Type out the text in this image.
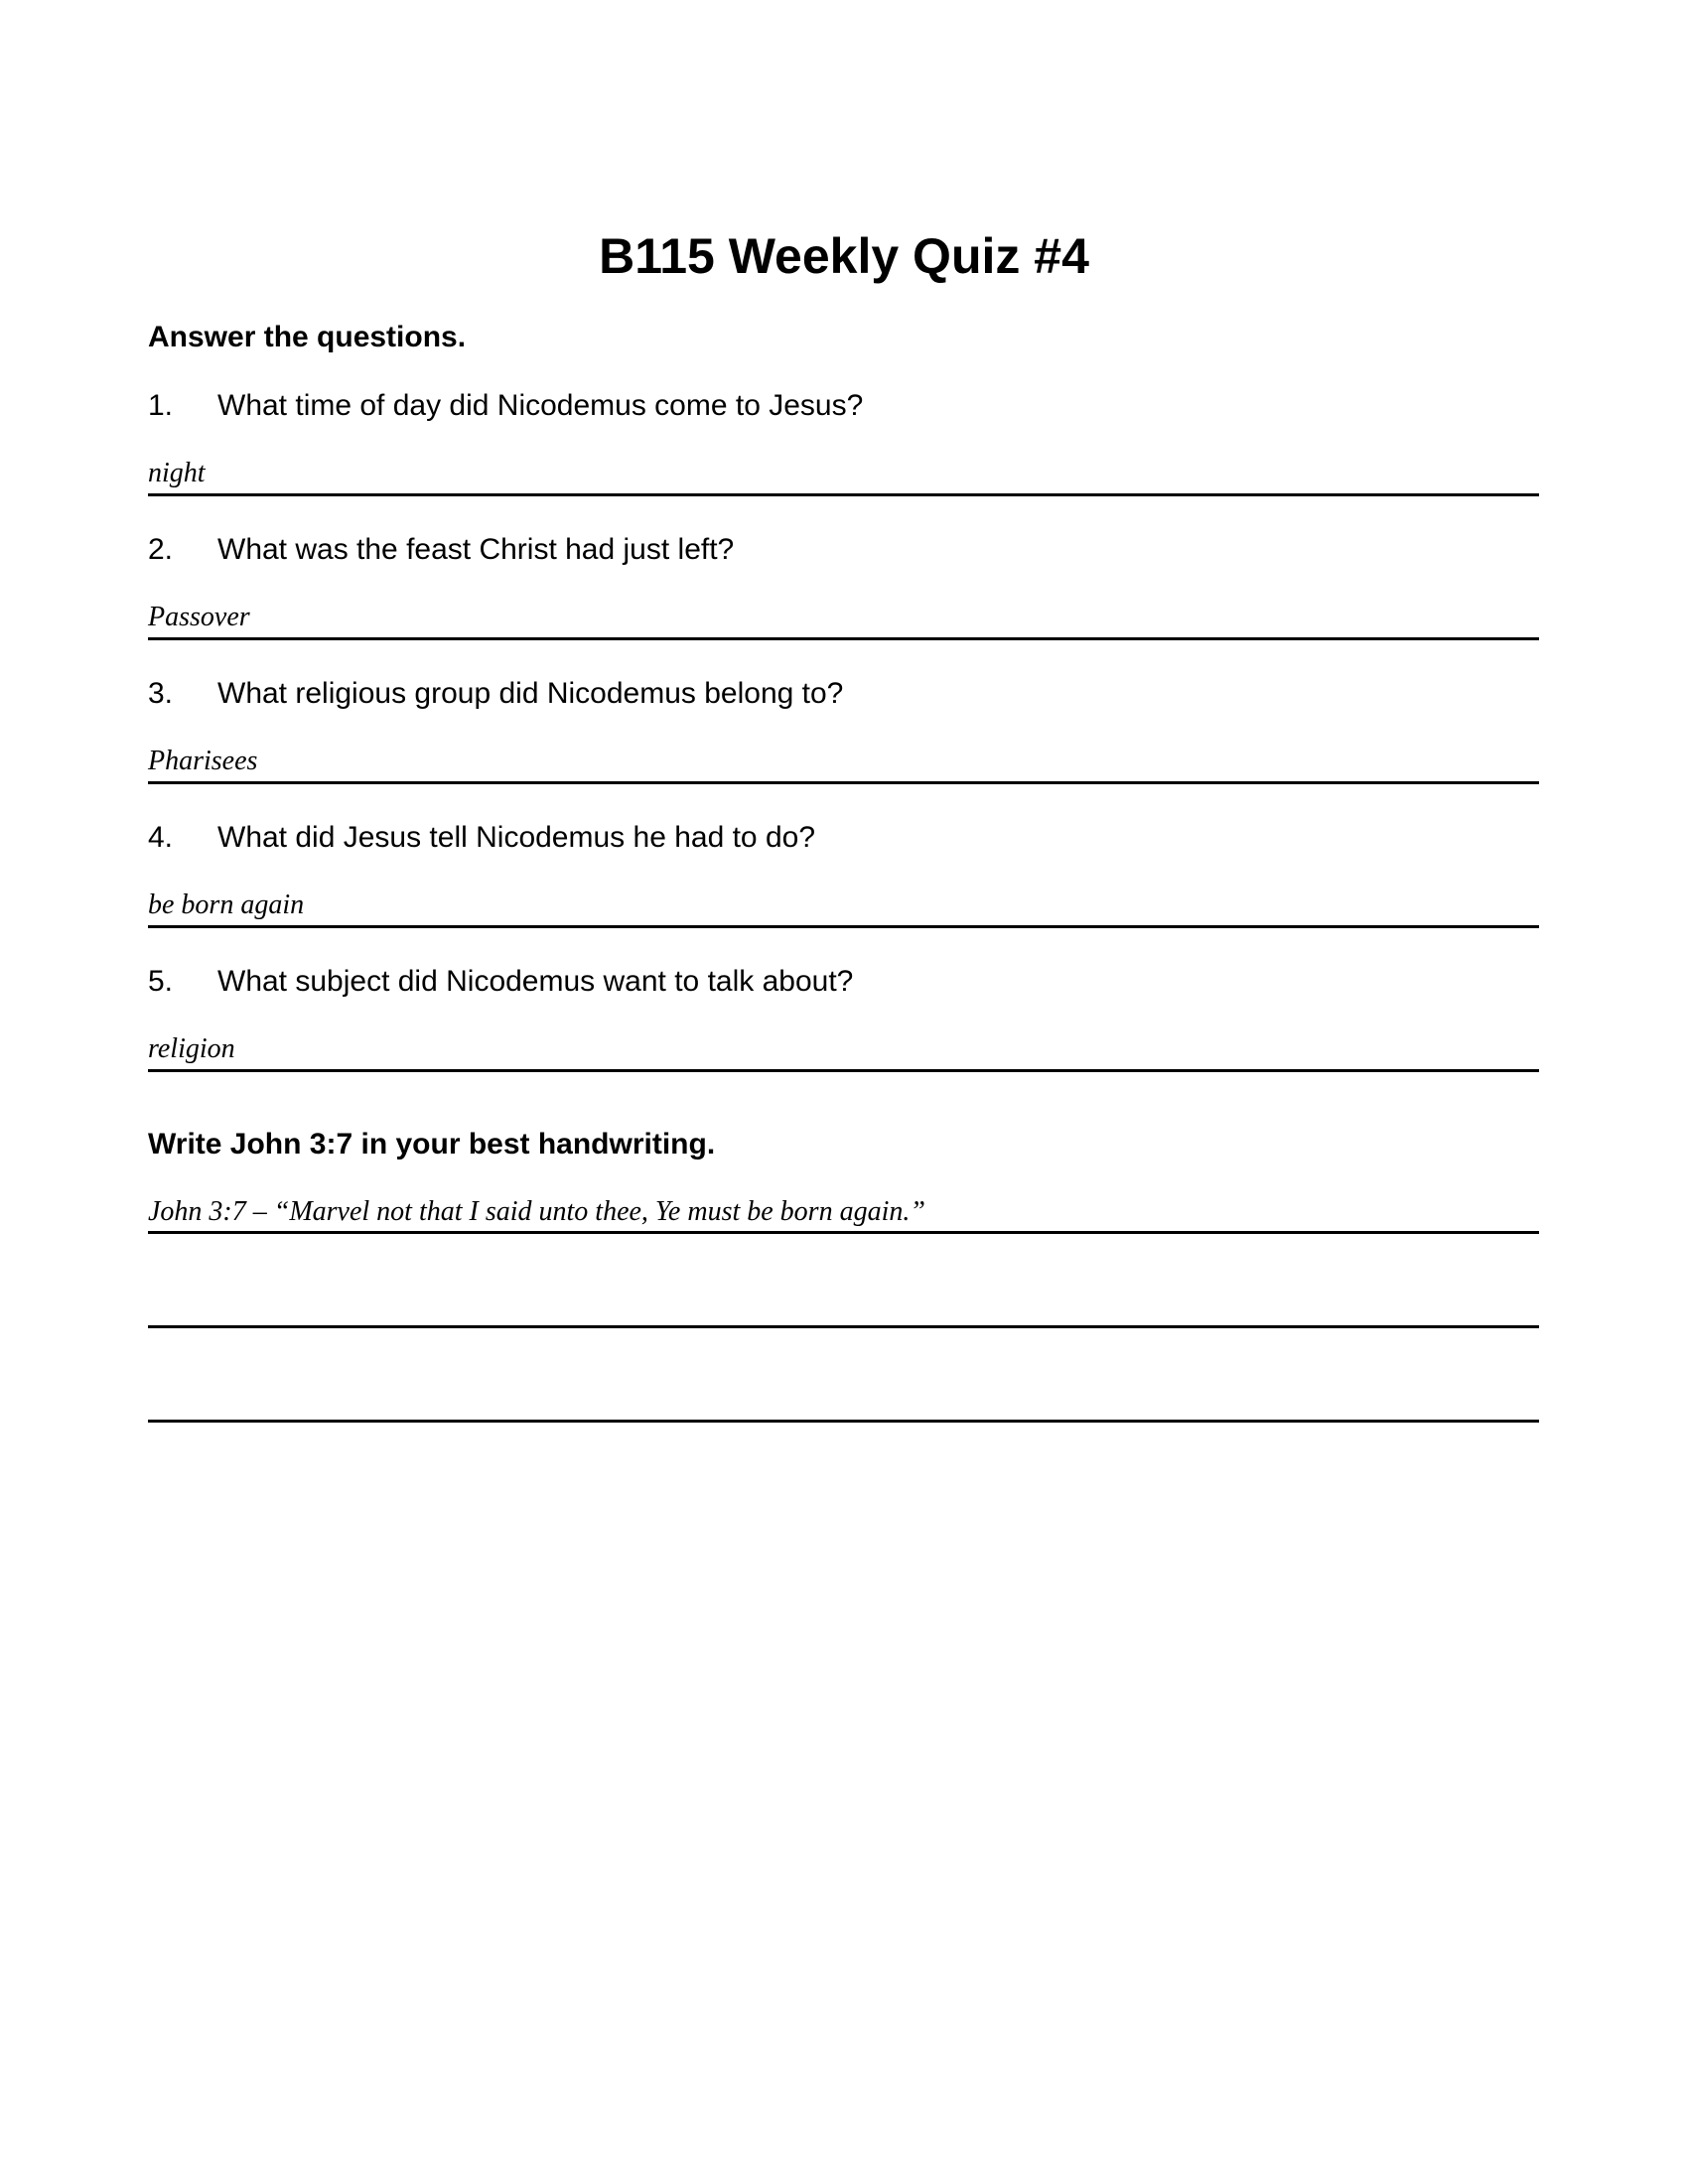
B115 Weekly Quiz #4
Answer the questions.
1. What time of day did Nicodemus come to Jesus?
night
2. What was the feast Christ had just left?
Passover
3. What religious group did Nicodemus belong to?
Pharisees
4. What did Jesus tell Nicodemus he had to do?
be born again
5. What subject did Nicodemus want to talk about?
religion
Write John 3:7 in your best handwriting.
John 3:7 – “Marvel not that I said unto thee, Ye must be born again.”
